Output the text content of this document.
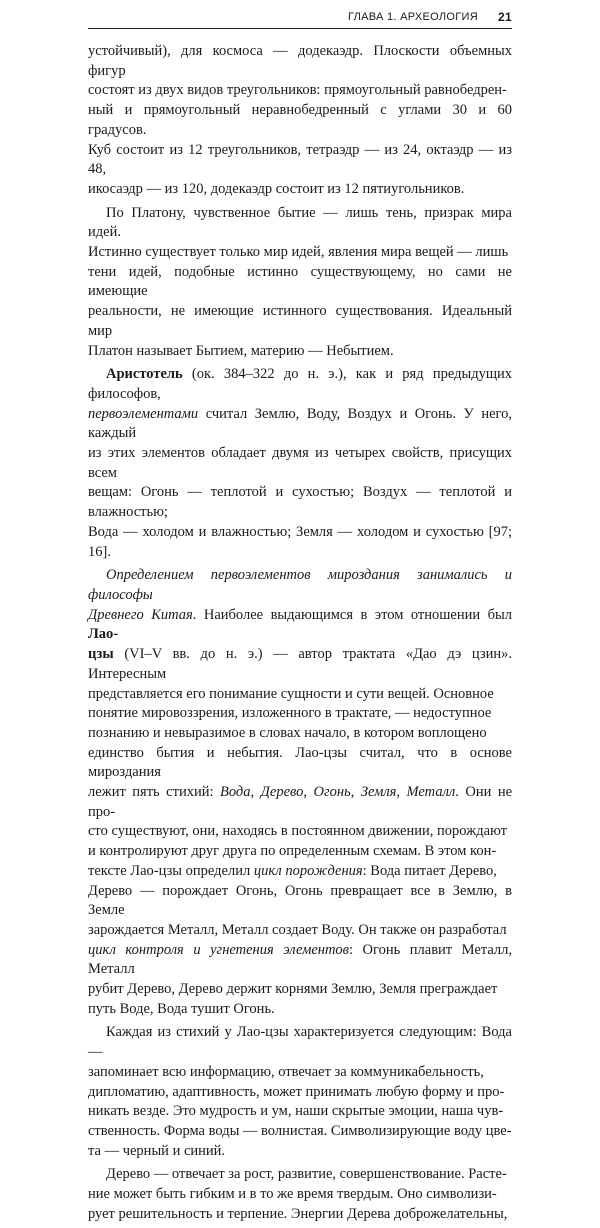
ГЛАВА 1. АРХЕОЛОГИЯ 21

устойчивый), для космоса — додекаэдр. Плоскости объемных фигур
состоят из двух видов треугольников: прямоугольный равнобедрен-
ный и прямоугольный неравнобедренный с углами 30 и 60 градусов.
Куб состоит из 12 треугольников, тетраэдр — из 24, октаэдр — из 48,
икосаэдр — из 120, додекаэдр состоит из 12 пятиугольников.

По Платону, чувственное бытие — лишь тень, призрак мира идей.
Истинно существует только мир идей, явления мира вещей — лишь
тени идей, подобные истинно существующему, но сами не имеющие
реальности, не имеющие истинного существования. Идеальный мир
Платон называет Бытием, материю — Небытием.

Аристотель (ок. 384–322 до н. э.), как и ряд предыдущих философов,
первоэлементами считал Землю, Воду, Воздух и Огонь. У него, каждый
из этих элементов обладает двумя из четырех свойств, присущих всем
вещам: Огонь — теплотой и сухостью; Воздух — теплотой и влажностью;
Вода — холодом и влажностью; Земля — холодом и сухостью [97; 16].

Определением первоэлементов мироздания занимались и философы
Древнего Китая. Наиболее выдающимся в этом отношении был Лао-
цзы (VI–V вв. до н. э.) — автор трактата «Дао дэ цзин». Интересным
представляется его понимание сущности и сути вещей. Основное
понятие мировоззрения, изложенного в трактате, — недоступное
познанию и невыразимое в словах начало, в котором воплощено
единство бытия и небытия. Лао-цзы считал, что в основе мироздания
лежит пять стихий: Вода, Дерево, Огонь, Земля, Металл. Они не про-
сто существуют, они, находясь в постоянном движении, порождают
и контролируют друг друга по определенным схемам. В этом кон-
тексте Лао-цзы определил цикл порождения: Вода питает Дерево,
Дерево — порождает Огонь, Огонь превращает все в Землю, в Земле
зарождается Металл, Металл создает Воду. Он также он разработал
цикл контроля и угнетения элементов: Огонь плавит Металл, Металл
рубит Дерево, Дерево держит корнями Землю, Земля преграждает
путь Воде, Вода тушит Огонь.

Каждая из стихий у Лао-цзы характеризуется следующим: Вода —
запоминает всю информацию, отвечает за коммуникабельность,
дипломатию, адаптивность, может принимать любую форму и про-
никать везде. Это мудрость и ум, наши скрытые эмоции, наша чув-
ственность. Форма воды — волнистая. Символизирующие воду цве-
та — черный и синий.

Дерево — отвечает за рост, развитие, совершенствование. Расте-
ние может быть гибким и в то же время твердым. Оно символизи-
рует решительность и терпение. Энергии Дерева доброжелательны,
